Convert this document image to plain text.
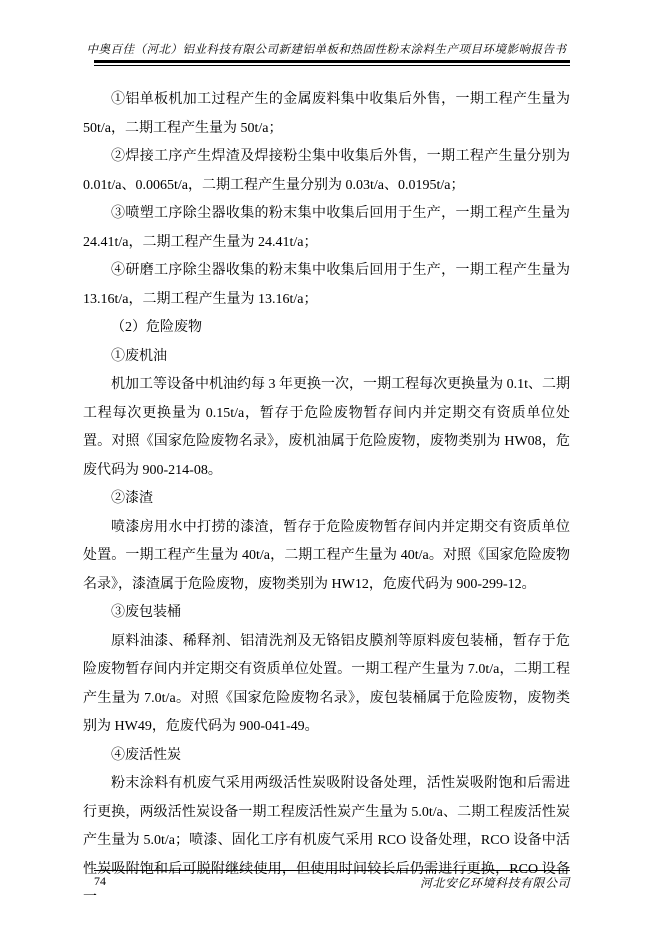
中奥百佳（河北）铝业科技有限公司新建铝单板和热固性粉末涂料生产项目环境影响报告书

①铝单板机加工过程产生的金属废料集中收集后外售，一期工程产生量为 50t/a，二期工程产生量为 50t/a；

②焊接工序产生焊渣及焊接粉尘集中收集后外售，一期工程产生量分别为 0.01t/a、0.0065t/a，二期工程产生量分别为 0.03t/a、0.0195t/a；

③喷塑工序除尘器收集的粉末集中收集后回用于生产，一期工程产生量为 24.41t/a，二期工程产生量为 24.41t/a；

④研磨工序除尘器收集的粉末集中收集后回用于生产，一期工程产生量为 13.16t/a，二期工程产生量为 13.16t/a；

（2）危险废物

①废机油

机加工等设备中机油约每 3 年更换一次，一期工程每次更换量为 0.1t、二期工程每次更换量为 0.15t/a，暂存于危险废物暂存间内并定期交有资质单位处置。对照《国家危险废物名录》，废机油属于危险废物，废物类别为 HW08，危废代码为 900-214-08。

②漆渣

喷漆房用水中打捞的漆渣，暂存于危险废物暂存间内并定期交有资质单位处置。一期工程产生量为 40t/a，二期工程产生量为 40t/a。对照《国家危险废物名录》，漆渣属于危险废物，废物类别为 HW12，危废代码为 900-299-12。

③废包装桶

原料油漆、稀释剂、铝清洗剂及无铬铝皮膜剂等原料废包装桶，暂存于危险废物暂存间内并定期交有资质单位处置。一期工程产生量为 7.0t/a，二期工程产生量为 7.0t/a。对照《国家危险废物名录》，废包装桶属于危险废物，废物类别为 HW49，危废代码为 900-041-49。

④废活性炭

粉末涂料有机废气采用两级活性炭吸附设备处理，活性炭吸附饱和后需进行更换，两级活性炭设备一期工程废活性炭产生量为 5.0t/a、二期工程废活性炭产生量为 5.0t/a；喷漆、固化工序有机废气采用 RCO 设备处理，RCO 设备中活性炭吸附饱和后可脱附继续使用，但使用时间较长后仍需进行更换，RCO 设备一

74	河北安亿环境科技有限公司
